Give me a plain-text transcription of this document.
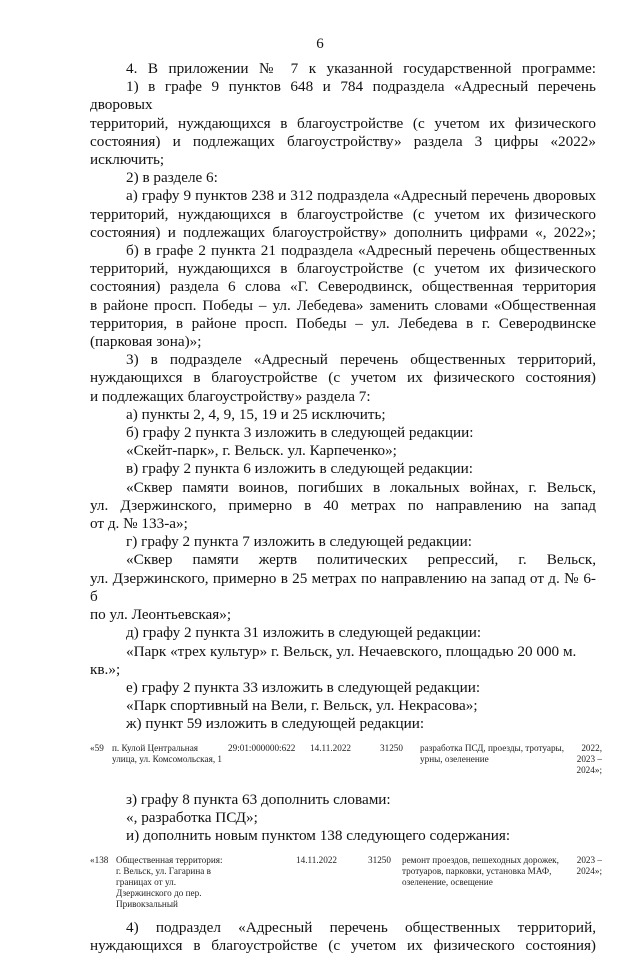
6

4. В приложении № 7 к указанной государственной программе:

1) в графе 9 пунктов 648 и 784 подраздела «Адресный перечень дворовых

территорий, нуждающихся в благоустройстве (с учетом их физического

состояния) и подлежащих благоустройству» раздела 3 цифры «2022» исключить;

2) в разделе 6:

а) графу 9 пунктов 238 и 312 подраздела «Адресный перечень дворовых

территорий, нуждающихся в благоустройстве (с учетом их физического

состояния) и подлежащих благоустройству» дополнить цифрами «, 2022»;

б) в графе 2 пункта 21 подраздела «Адресный перечень общественных

территорий, нуждающихся в благоустройстве (с учетом их физического

состояния) раздела 6 слова «Г. Северодвинск, общественная территория

в районе просп. Победы – ул. Лебедева» заменить словами «Общественная

территория, в районе просп. Победы – ул. Лебедева в г. Северодвинске

(парковая зона)»;

3) в подразделе «Адресный перечень общественных территорий,

нуждающихся в благоустройстве (с учетом их физического состояния)

и подлежащих благоустройству» раздела 7:

а) пункты 2, 4, 9, 15, 19 и 25 исключить;

б) графу 2 пункта 3 изложить в следующей редакции:

«Скейт-парк», г. Вельск. ул. Карпеченко»;

в) графу 2 пункта 6 изложить в следующей редакции:

«Сквер памяти воинов, погибших в локальных войнах, г. Вельск,

ул. Дзержинского, примерно в 40 метрах по направлению на запад

от д. № 133-а»;

г) графу 2 пункта 7 изложить в следующей редакции:

«Сквер памяти жертв политических репрессий, г. Вельск,

ул. Дзержинского, примерно в 25 метрах по направлению на запад от д. № 6-б

по ул. Леонтьевская»;

д) графу 2 пункта 31 изложить в следующей редакции:

«Парк «трех культур» г. Вельск, ул. Нечаевского, площадью 20 000 м. кв.»;

е) графу 2 пункта 33 изложить в следующей редакции:

«Парк спортивный на Вели, г. Вельск, ул. Некрасова»;

ж) пункт 59 изложить в следующей редакции:

«59 п. Кулой Центральная улица, ул. Комсомольская, 1
29:01:000000:622 14.11.2022	31250 разработка ПСД, проезды, тротуары, урны, озеленение
2022, 2023 – 2024»;

з) графу 8 пункта 63 дополнить словами:

«, разработка ПСД»;

и) дополнить новым пунктом 138 следующего содержания:

«138 Общественная территория: г. Вельск, ул. Гагарина в границах от ул. Дзержинского до пер. Привокзальный
14.11.2022	31250 ремонт проездов, пешеходных дорожек, тротуаров, парковки, установка МАФ, озеленение, освещение
2023 – 2024»;

4) подраздел «Адресный перечень общественных территорий,

нуждающихся в благоустройстве (с учетом их физического состояния)
